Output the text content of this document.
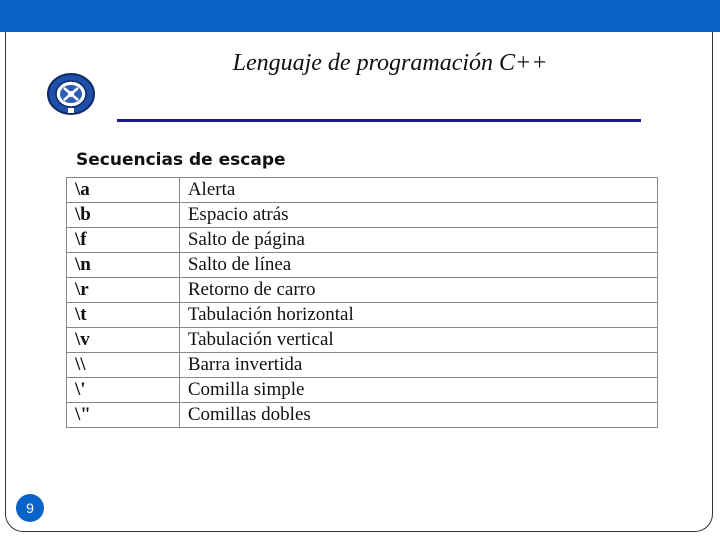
Lenguaje de programación C++
Secuencias de escape
\a	Alerta
\b	Espacio atrás
\f	Salto de página
\n	Salto de línea
\r	Retorno de carro
\t	Tabulación horizontal
\v	Tabulación vertical
\\	Barra invertida
\'	Comilla simple
\"	Comillas dobles
9
